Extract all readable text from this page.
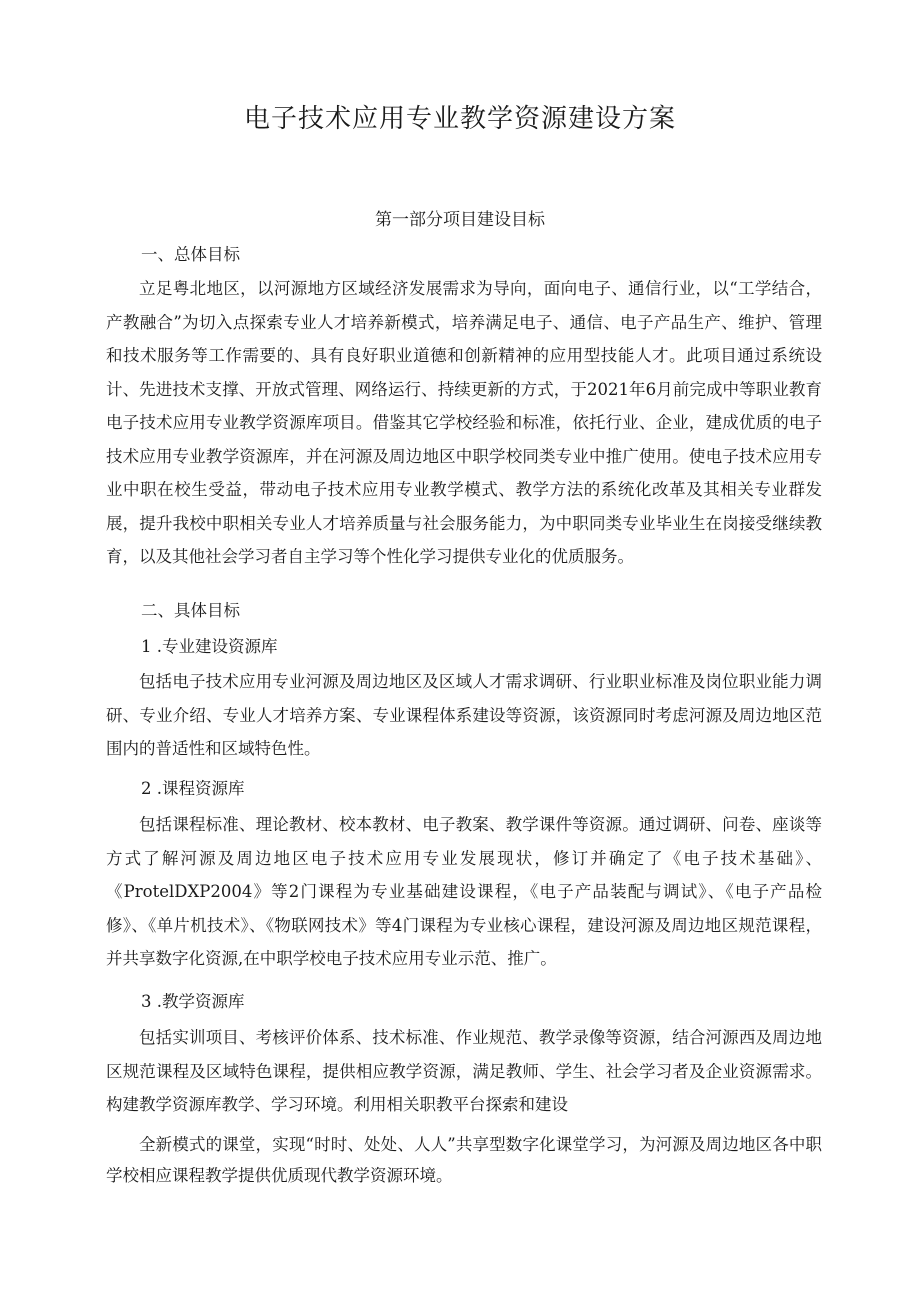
电子技术应用专业教学资源建设方案
第一部分项目建设目标

一、总体目标

立足粤北地区，以河源地方区域经济发展需求为导向，面向电子、通信行业，以“工学结合，产教融合”为切入点探索专业人才培养新模式，培养满足电子、通信、电子产品生产、维护、管理和技术服务等工作需要的、具有良好职业道德和创新精神的应用型技能人才。此项目通过系统设计、先进技术支撑、开放式管理、网络运行、持续更新的方式，于2021年6月前完成中等职业教育电子技术应用专业教学资源库项目。借鉴其它学校经验和标准，依托行业、企业，建成优质的电子技术应用专业教学资源库，并在河源及周边地区中职学校同类专业中推广使用。使电子技术应用专业中职在校生受益，带动电子技术应用专业教学模式、教学方法的系统化改革及其相关专业群发展，提升我校中职相关专业人才培养质量与社会服务能力，为中职同类专业毕业生在岗接受继续教育，以及其他社会学习者自主学习等个性化学习提供专业化的优质服务。

二、具体目标

1 .专业建设资源库

包括电子技术应用专业河源及周边地区及区域人才需求调研、行业职业标准及岗位职业能力调研、专业介绍、专业人才培养方案、专业课程体系建设等资源，该资源同时考虑河源及周边地区范围内的普适性和区域特色性。

2 .课程资源库

包括课程标准、理论教材、校本教材、电子教案、教学课件等资源。通过调研、问卷、座谈等方式了解河源及周边地区电子技术应用专业发展现状，修订并确定了《电子技术基础》、《ProtelDXP2004》等2门课程为专业基础建设课程，《电子产品装配与调试》、《电子产品检修》、《单片机技术》、《物联网技术》等4门课程为专业核心课程，建设河源及周边地区规范课程，并共享数字化资源,在中职学校电子技术应用专业示范、推广。

3 .教学资源库

包括实训项目、考核评价体系、技术标准、作业规范、教学录像等资源，结合河源西及周边地区规范课程及区域特色课程，提供相应教学资源，满足教师、学生、社会学习者及企业资源需求。构建教学资源库教学、学习环境。利用相关职教平台探索和建设

全新模式的课堂，实现“时时、处处、人人”共享型数字化课堂学习，为河源及周边地区各中职学校相应课程教学提供优质现代教学资源环境。
